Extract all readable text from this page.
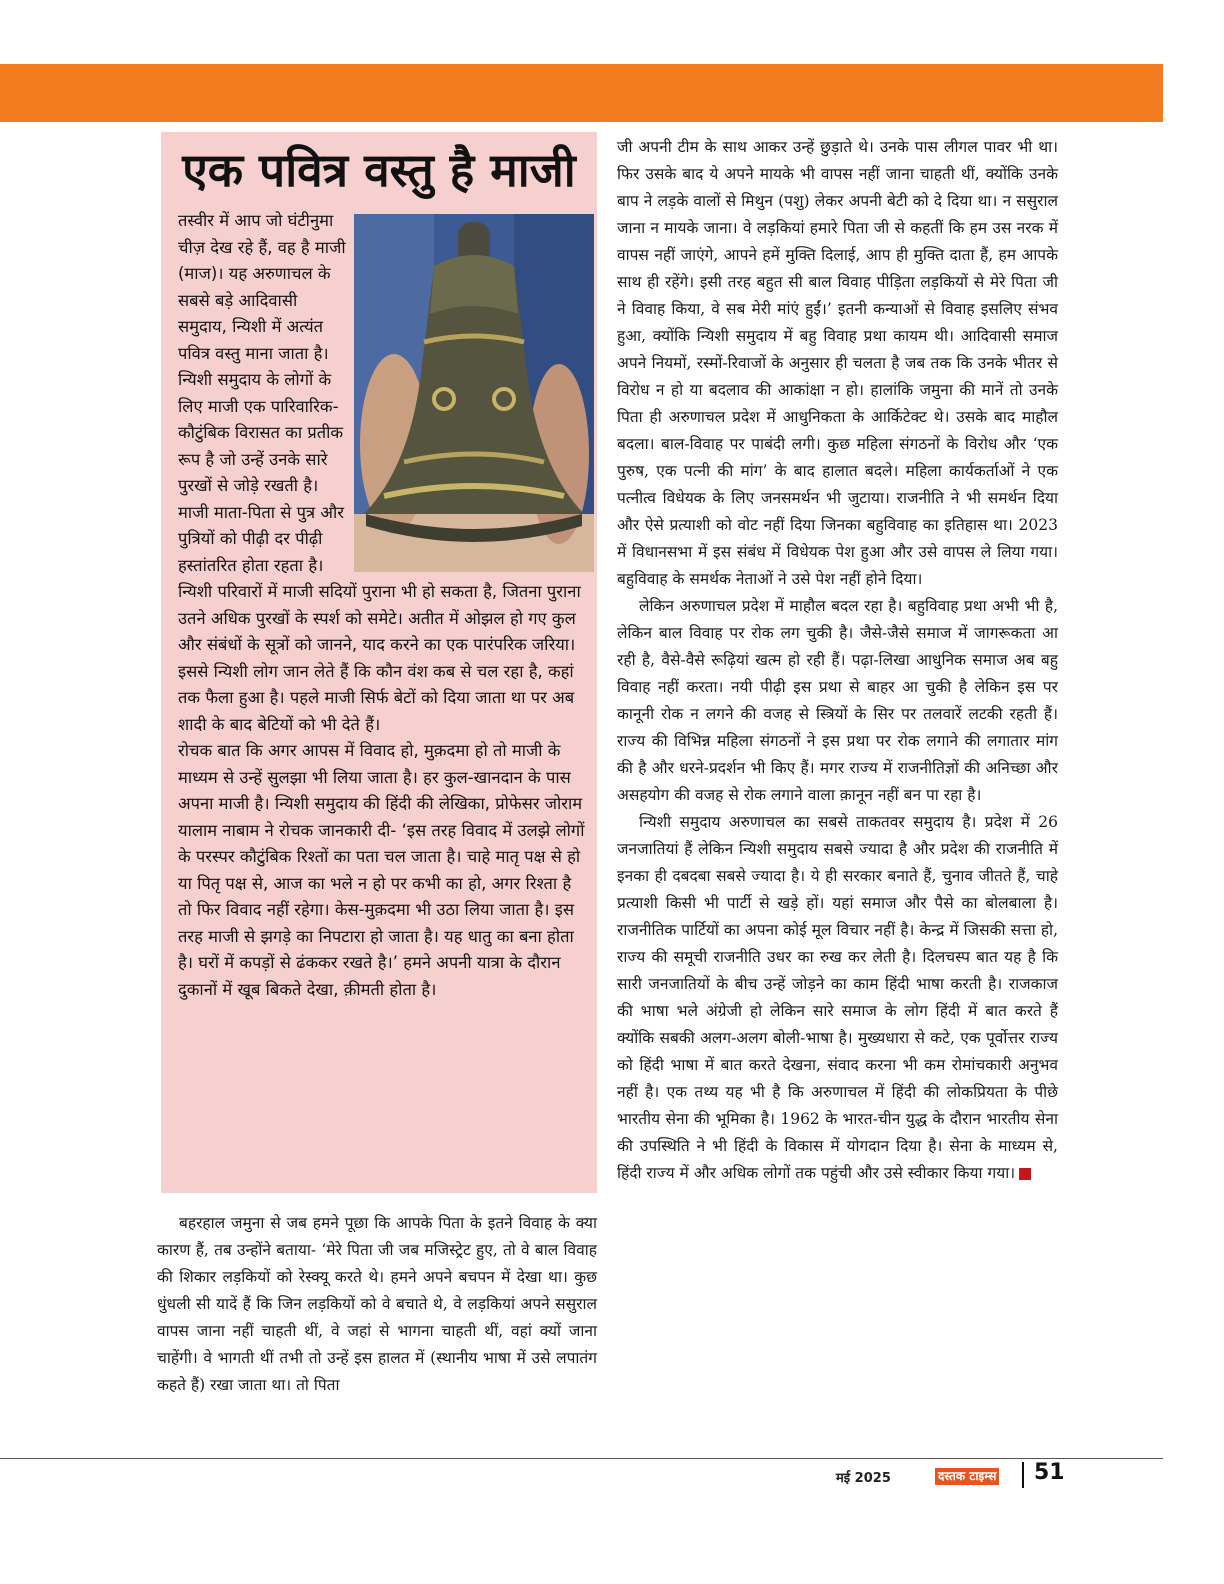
एक पवित्र वस्तु है माजी

तस्वीर में आप जो घंटीनुमा चीज़ देख रहे हैं, वह है माजी (माज)। यह अरुणाचल के सबसे बड़े आदिवासी समुदाय, न्यिशी में अत्यंत पवित्र वस्तु माना जाता है। न्यिशी समुदाय के लोगों के लिए माजी एक पारिवारिक-कौटुंबिक विरासत का प्रतीक रूप है जो उन्हें उनके सारे पुरखों से जोड़े रखती है। माजी माता-पिता से पुत्र और पुत्रियों को पीढ़ी दर पीढ़ी हस्तांतरित होता रहता है। न्यिशी परिवारों में माजी सदियों पुराना भी हो सकता है, जितना पुराना उतने अधिक पुरखों के स्पर्श को समेटे। अतीत में ओझल हो गए कुल और संबंधों के सूत्रों को जानने, याद करने का एक पारंपरिक जरिया। इससे न्यिशी लोग जान लेते हैं कि कौन वंश कब से चल रहा है, कहां तक फैला हुआ है। पहले माजी सिर्फ बेटों को दिया जाता था पर अब शादी के बाद बेटियों को भी देते हैं।

रोचक बात कि अगर आपस में विवाद हो, मुक़दमा हो तो माजी के माध्यम से उन्हें सुलझा भी लिया जाता है। हर कुल-खानदान के पास अपना माजी है। न्यिशी समुदाय की हिंदी की लेखिका, प्रोफेसर जोराम यालाम नाबाम ने रोचक जानकारी दी- ‘इस तरह विवाद में उलझे लोगों के परस्पर कौटुंबिक रिश्तों का पता चल जाता है। चाहे मातृ पक्ष से हो या पितृ पक्ष से, आज का भले न हो पर कभी का हो, अगर रिश्ता है तो फिर विवाद नहीं रहेगा। केस-मुक़दमा भी उठा लिया जाता है। इस तरह माजी से झगड़े का निपटारा हो जाता है। यह धातु का बना होता है। घरों में कपड़ों से ढंककर रखते है।’ हमने अपनी यात्रा के दौरान दुकानों में खूब बिकते देखा, क़ीमती होता है।

बहरहाल जमुना से जब हमने पूछा कि आपके पिता के इतने विवाह के क्या कारण हैं, तब उन्होंने बताया- ‘मेरे पिता जी जब मजिस्ट्रेट हुए, तो वे बाल विवाह की शिकार लड़कियों को रेस्क्यू करते थे। हमने अपने बचपन में देखा था। कुछ धुंधली सी यादें हैं कि जिन लड़कियों को वे बचाते थे, वे लड़कियां अपने ससुराल वापस जाना नहीं चाहती थीं, वे जहां से भागना चाहती थीं, वहां क्यों जाना चाहेंगी। वे भागती थीं तभी तो उन्हें इस हालत में (स्थानीय भाषा में उसे लपातंग कहते हैं) रखा जाता था। तो पिता

जी अपनी टीम के साथ आकर उन्हें छुड़ाते थे। उनके पास लीगल पावर भी था। फिर उसके बाद ये अपने मायके भी वापस नहीं जाना चाहती थीं, क्योंकि उनके बाप ने लड़के वालों से मिथुन (पशु) लेकर अपनी बेटी को दे दिया था। न ससुराल जाना न मायके जाना। वे लड़कियां हमारे पिता जी से कहतीं कि हम उस नरक में वापस नहीं जाएंगे, आपने हमें मुक्ति दिलाई, आप ही मुक्ति दाता हैं, हम आपके साथ ही रहेंगे। इसी तरह बहुत सी बाल विवाह पीड़िता लड़कियों से मेरे पिता जी ने विवाह किया, वे सब मेरी मांएं हुईं।’ इतनी कन्याओं से विवाह इसलिए संभव हुआ, क्योंकि न्यिशी समुदाय में बहु विवाह प्रथा कायम थी। आदिवासी समाज अपने नियमों, रस्मों-रिवाजों के अनुसार ही चलता है जब तक कि उनके भीतर से विरोध न हो या बदलाव की आकांक्षा न हो। हालांकि जमुना की मानें तो उनके पिता ही अरुणाचल प्रदेश में आधुनिकता के आर्किटेक्ट थे। उसके बाद माहौल बदला। बाल-विवाह पर पाबंदी लगी। कुछ महिला संगठनों के विरोध और ‘एक पुरुष, एक पत्नी की मांग’ के बाद हालात बदले। महिला कार्यकर्ताओं ने एक पत्नीत्व विधेयक के लिए जनसमर्थन भी जुटाया। राजनीति ने भी समर्थन दिया और ऐसे प्रत्याशी को वोट नहीं दिया जिनका बहुविवाह का इतिहास था। 2023 में विधानसभा में इस संबंध में विधेयक पेश हुआ और उसे वापस ले लिया गया। बहुविवाह के समर्थक नेताओं ने उसे पेश नहीं होने दिया।

लेकिन अरुणाचल प्रदेश में माहौल बदल रहा है। बहुविवाह प्रथा अभी भी है, लेकिन बाल विवाह पर रोक लग चुकी है। जैसे-जैसे समाज में जागरूकता आ रही है, वैसे-वैसे रूढ़ियां खत्म हो रही हैं। पढ़ा-लिखा आधुनिक समाज अब बहु विवाह नहीं करता। नयी पीढ़ी इस प्रथा से बाहर आ चुकी है लेकिन इस पर कानूनी रोक न लगने की वजह से स्त्रियों के सिर पर तलवारें लटकी रहती हैं। राज्य की विभिन्न महिला संगठनों ने इस प्रथा पर रोक लगाने की लगातार मांग की है और धरने-प्रदर्शन भी किए हैं। मगर राज्य में राजनीतिज्ञों की अनिच्छा और असहयोग की वजह से रोक लगाने वाला क़ानून नहीं बन पा रहा है।

न्यिशी समुदाय अरुणाचल का सबसे ताकतवर समुदाय है। प्रदेश में 26 जनजातियां हैं लेकिन न्यिशी समुदाय सबसे ज्यादा है और प्रदेश की राजनीति में इनका ही दबदबा सबसे ज्यादा है। ये ही सरकार बनाते हैं, चुनाव जीतते हैं, चाहे प्रत्याशी किसी भी पार्टी से खड़े हों। यहां समाज और पैसे का बोलबाला है। राजनीतिक पार्टियों का अपना कोई मूल विचार नहीं है। केन्द्र में जिसकी सत्ता हो, राज्य की समूची राजनीति उधर का रुख कर लेती है। दिलचस्प बात यह है कि सारी जनजातियों के बीच उन्हें जोड़ने का काम हिंदी भाषा करती है। राजकाज की भाषा भले अंग्रेजी हो लेकिन सारे समाज के लोग हिंदी में बात करते हैं क्योंकि सबकी अलग-अलग बोली-भाषा है। मुख्यधारा से कटे, एक पूर्वोत्तर राज्य को हिंदी भाषा में बात करते देखना, संवाद करना भी कम रोमांचकारी अनुभव नहीं है। एक तथ्य यह भी है कि अरुणाचल में हिंदी की लोकप्रियता के पीछे भारतीय सेना की भूमिका है। 1962 के भारत-चीन युद्ध के दौरान भारतीय सेना की उपस्थिति ने भी हिंदी के विकास में योगदान दिया है। सेना के माध्यम से, हिंदी राज्य में और अधिक लोगों तक पहुंची और उसे स्वीकार किया गया।

मई 2025	दस्तक टाइम्स 51
